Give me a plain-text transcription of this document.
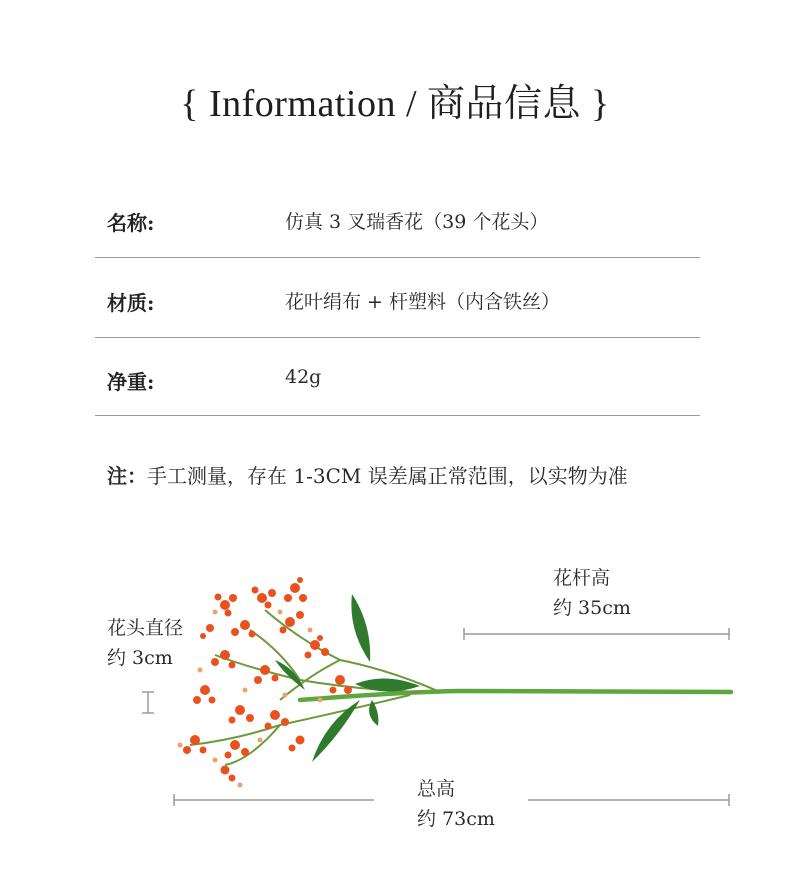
{ Information / 商品信息 }
名称:	仿真 3 叉瑞香花（39 个花头）
材质:	花叶绢布 + 杆塑料（内含铁丝）
净重:	42g
注：手工测量，存在 1-3CM 误差属正常范围，以实物为准
花杆高
约 35cm
花头直径
约 3cm
总高
约 73cm
